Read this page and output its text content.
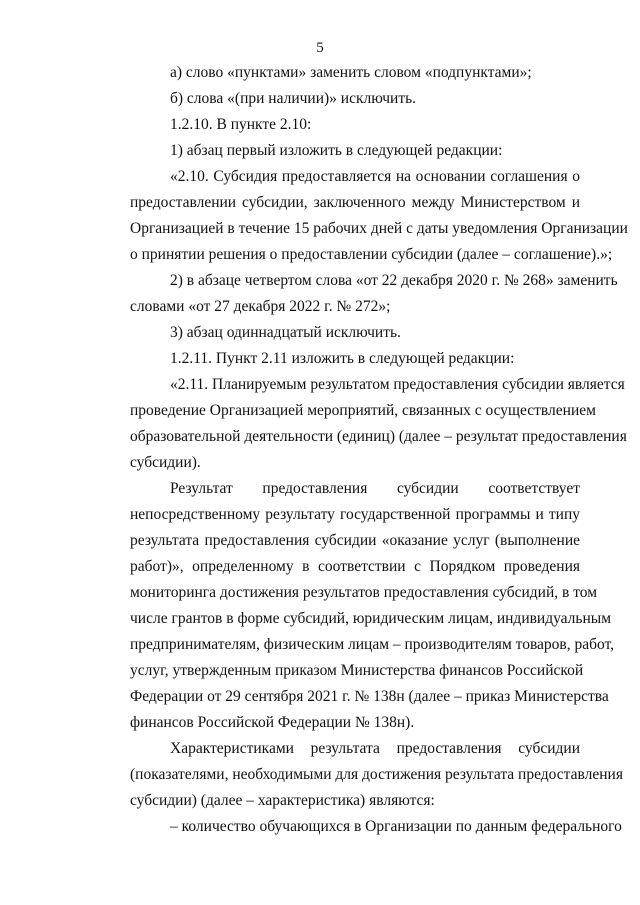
5
а) слово «пунктами» заменить словом «подпунктами»;
б) слова «(при наличии)» исключить.
1.2.10. В пункте 2.10:
1) абзац первый изложить в следующей редакции:
«2.10. Субсидия предоставляется на основании соглашения о
предоставлении субсидии, заключенного между Министерством и
Организацией в течение 15 рабочих дней с даты уведомления Организации
о принятии решения о предоставлении субсидии (далее – соглашение).»;
2) в абзаце четвертом слова «от 22 декабря 2020 г. № 268» заменить
словами «от 27 декабря 2022 г. № 272»;
3) абзац одиннадцатый исключить.
1.2.11. Пункт 2.11 изложить в следующей редакции:
«2.11. Планируемым результатом предоставления субсидии является
проведение Организацией мероприятий, связанных с осуществлением
образовательной деятельности (единиц) (далее – результат предоставления
субсидии).
Результат предоставления субсидии соответствует
непосредственному результату государственной программы и типу
результата предоставления субсидии «оказание услуг (выполнение
работ)», определенному в соответствии с Порядком проведения
мониторинга достижения результатов предоставления субсидий, в том
числе грантов в форме субсидий, юридическим лицам, индивидуальным
предпринимателям, физическим лицам – производителям товаров, работ,
услуг, утвержденным приказом Министерства финансов Российской
Федерации от 29 сентября 2021 г. № 138н (далее – приказ Министерства
финансов Российской Федерации № 138н).
Характеристиками результата предоставления субсидии
(показателями, необходимыми для достижения результата предоставления
субсидии) (далее – характеристика) являются:
– количество обучающихся в Организации по данным федерального
